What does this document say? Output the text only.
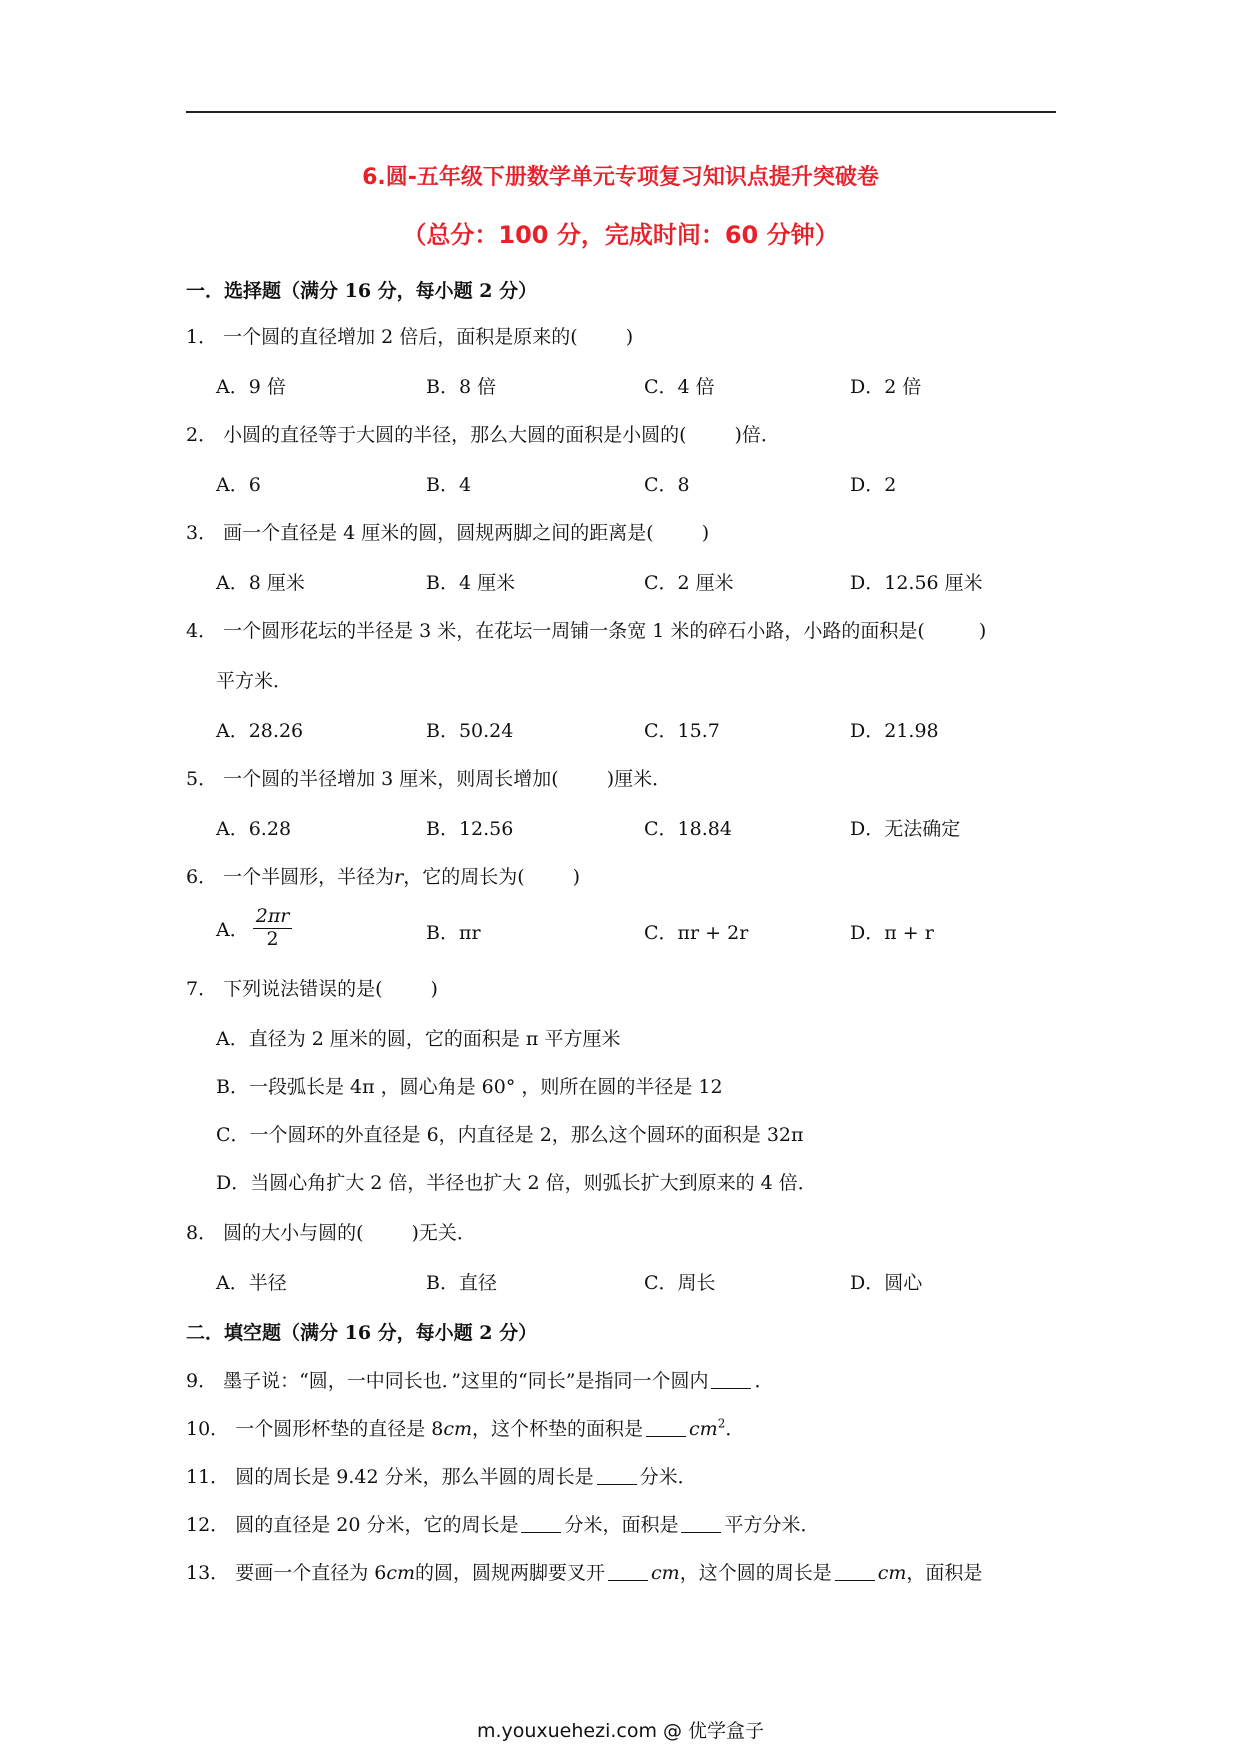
6.圆-五年级下册数学单元专项复习知识点提升突破卷
（总分：100 分，完成时间：60 分钟）
一．选择题（满分 16 分，每小题 2 分）
1． 一个圆的直径增加 2 倍后，面积是原来的(	)
A．9 倍	B．8 倍	C．4 倍	D．2 倍
2． 小圆的直径等于大圆的半径，那么大圆的面积是小圆的(	)倍．
A．6	B．4	C．8	D．2
3． 画一个直径是 4 厘米的圆，圆规两脚之间的距离是(	)
A．8 厘米	B．4 厘米	C．2 厘米	D．12.56 厘米
4． 一个圆形花坛的半径是 3 米，在花坛一周铺一条宽 1 米的碎石小路，小路的面积是(	)
平方米．
A．28.26	B．50.24	C．15.7	D．21.98
5． 一个圆的半径增加 3 厘米，则周长增加(	)厘米．
A．6.28	B．12.56	C．18.84	D．无法确定
6． 一个半圆形，半径为r，它的周长为(	)
A． $\frac{2\pi r}{2}$	B．πr	C．πr + 2r	D．π + r
7． 下列说法错误的是(	)
A．直径为 2 厘米的圆，它的面积是 π 平方厘米
B．一段弧长是 4π ，圆心角是 60° ，则所在圆的半径是 12
C．一个圆环的外直径是 6，内直径是 2，那么这个圆环的面积是 32π
D．当圆心角扩大 2 倍，半径也扩大 2 倍，则弧长扩大到原来的 4 倍．
8． 圆的大小与圆的(	)无关．
A．半径	B．直径	C．周长	D．圆心
二．填空题（满分 16 分，每小题 2 分）
9． 墨子说：“圆，一中同长也．”这里的“同长”是指同一个圆内 ．
10． 一个圆形杯垫的直径是 8cm，这个杯垫的面积是 $cm^2$．
11． 圆的周长是 9.42 分米，那么半圆的周长是 分米．
12． 圆的直径是 20 分米，它的周长是 分米，面积是 平方分米．
13． 要画一个直径为 6cm的圆，圆规两脚要叉开 cm，这个圆的周长是 cm，面积是
m.youxuehezi.com @ 优学盒子
